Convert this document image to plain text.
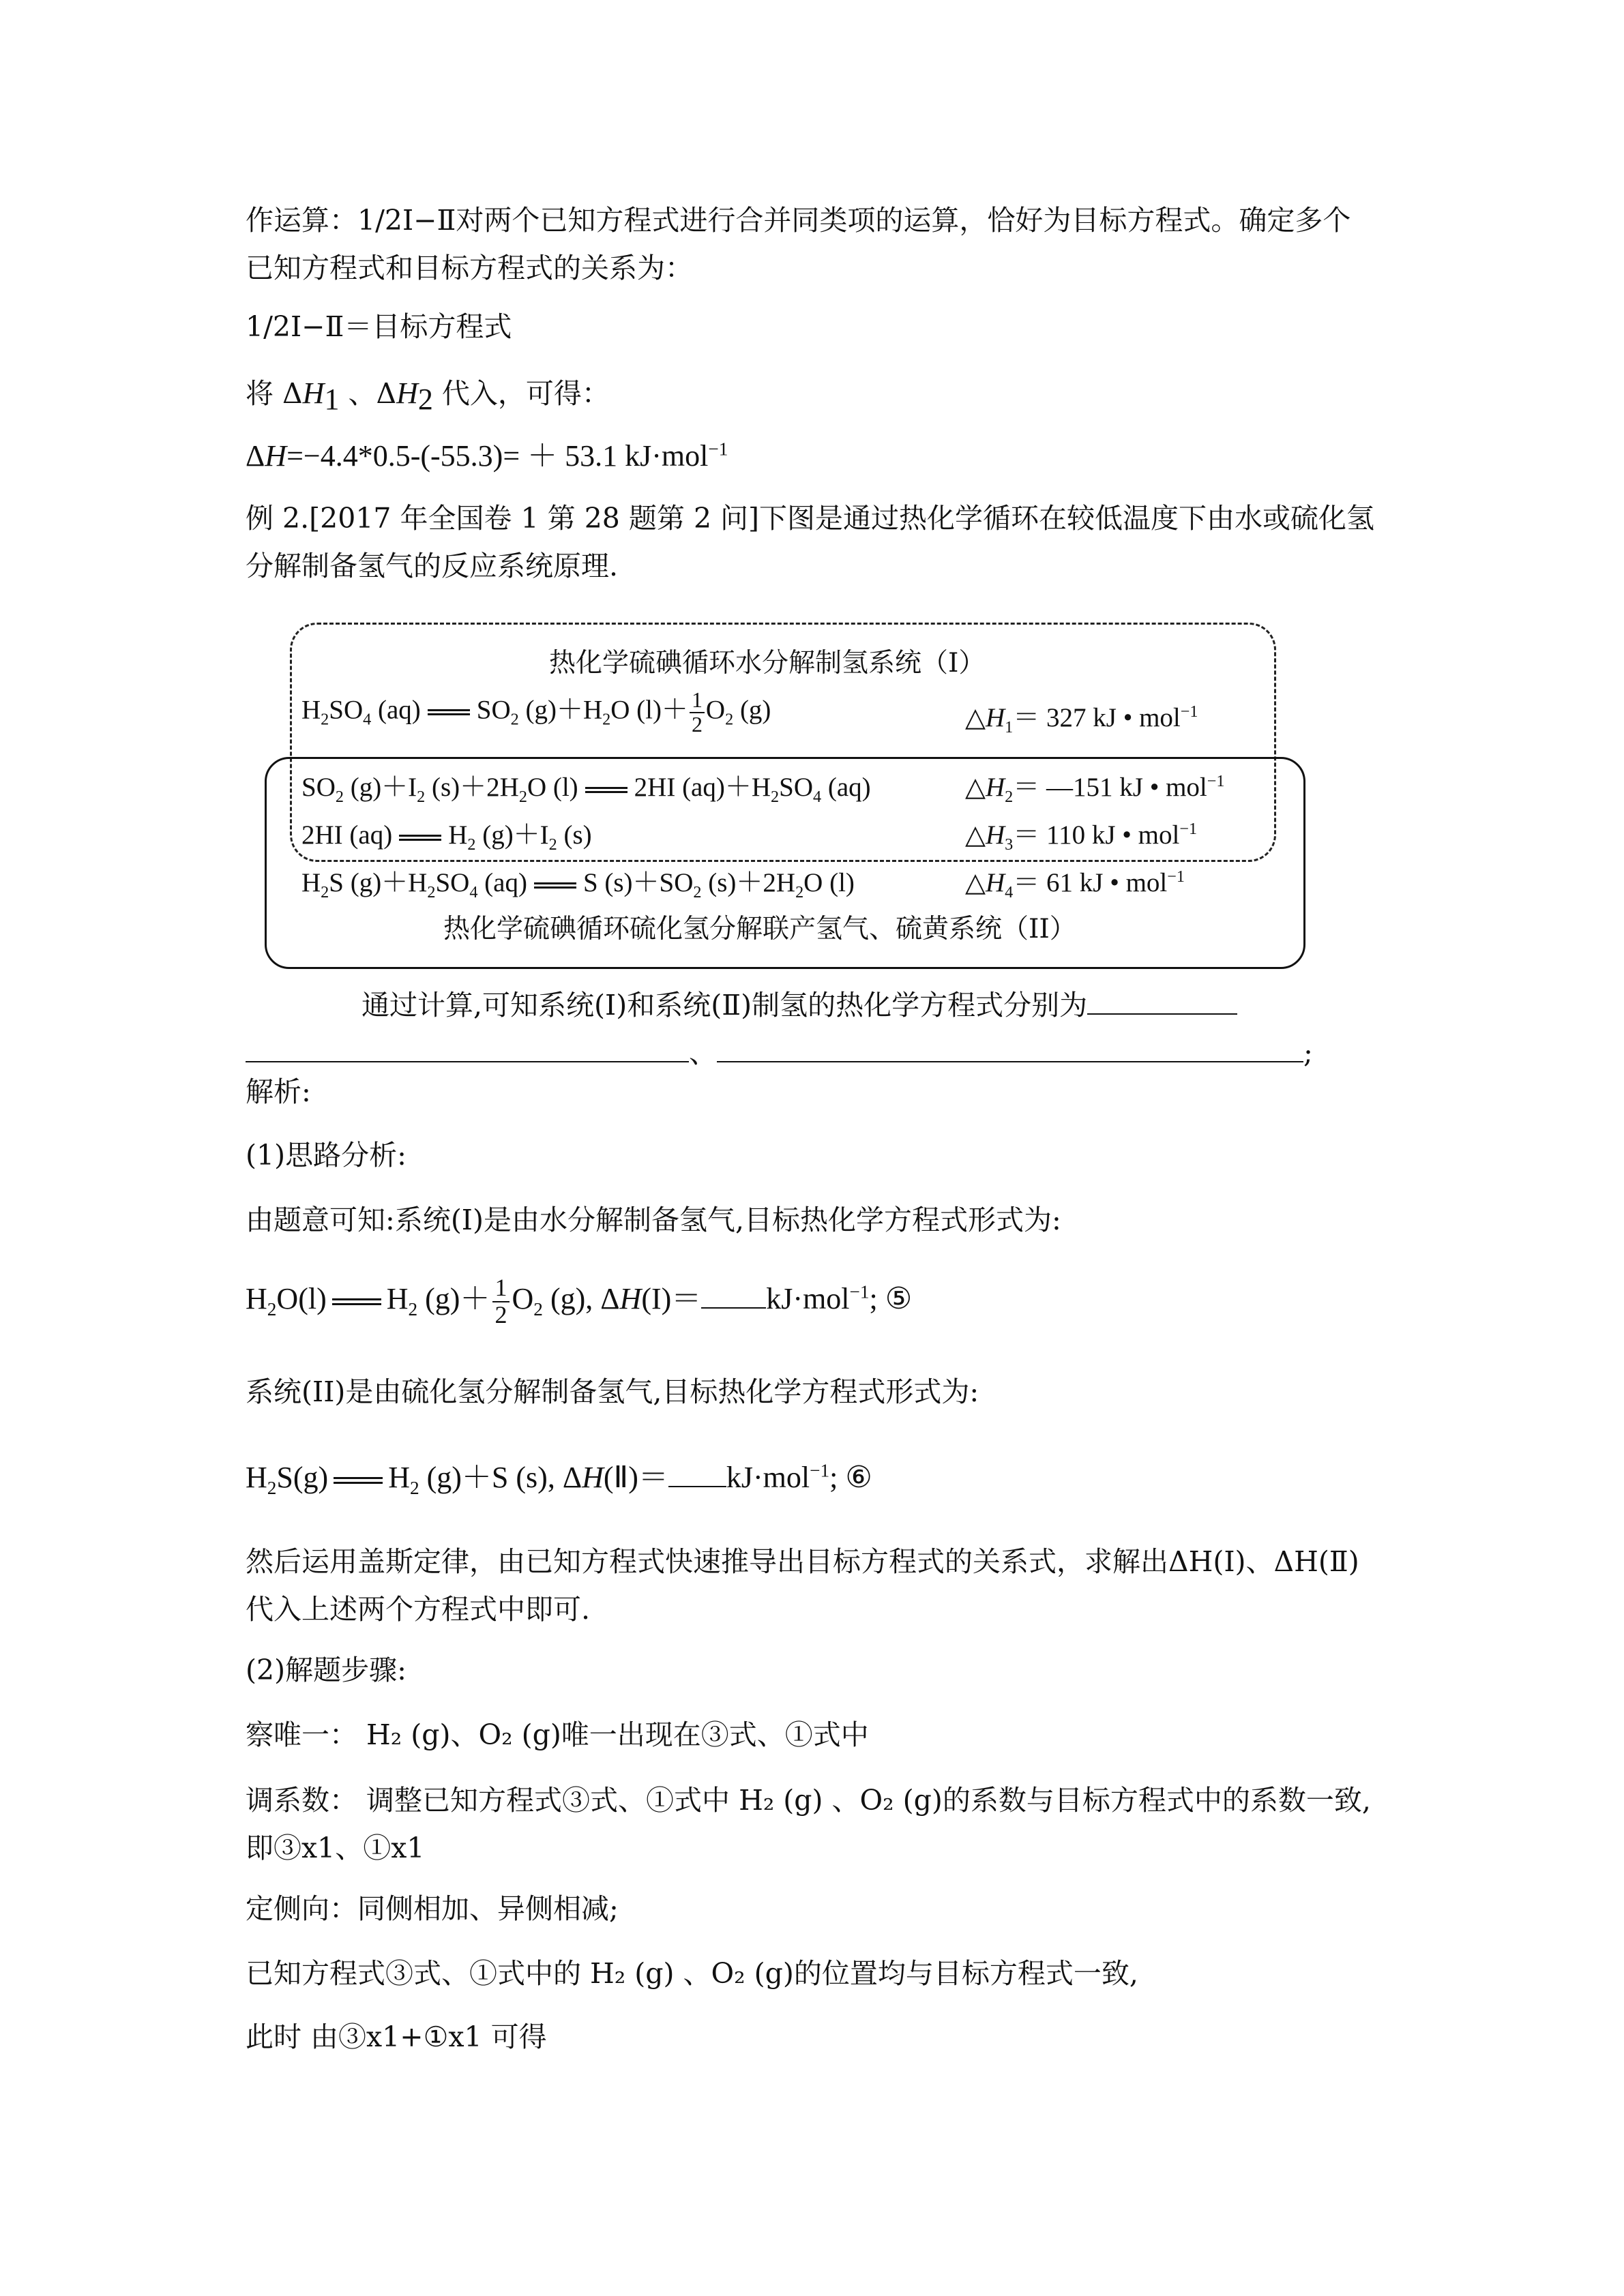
作运算：1/2I−Ⅱ对两个已知方程式进行合并同类项的运算，恰好为目标方程式。确定多个已知方程式和目标方程式的关系为：
1/2I−Ⅱ＝目标方程式
将 $\Delta H_1$ 、$\Delta H_2$ 代入，可得：
ΔH=−4.4*0.5-(-55.3)= ＋ 53.1 kJ·mol$^{-1}$
例 2.[2017 年全国卷 1 第 28 题第 2 问]下图是通过热化学循环在较低温度下由水或硫化氢分解制备氢气的反应系统原理.
热化学硫碘循环水分解制氢系统（I）
$H_2SO_4$ (aq) $SO_2$ $(g)+H_2O$ $(l)+ \frac{1}{2} O_2$ (g)	$\triangle H_1= 327$ kJ • mol$^{-1}$
$SO_2$ $(g)+I_2$ $(s)+2H_2O$ (l) 2HI $(aq)+H_2SO_4$ (aq)	$\triangle H_2=$ —151 kJ • mol$^{-1}$
2HI (aq) $H_2$ $(g)+I_2$ (s)	$\triangle H_3= 110$ kJ • mol$^{-1}$
$H_2S$ $(g)+H_2SO_4$ (aq) S $(s)+SO_2$ $(s)+2H_2O$ (l)	$\triangle H_4= 61$ kJ • mol$^{-1}$
热化学硫碘循环硫化氢分解联产氢气、硫黄系统（II）
通过计算,可知系统(Ⅰ)和系统(Ⅱ)制氢的热化学方程式分别为
、	;
解析:
(1)思路分析:
由题意可知:系统(I)是由水分解制备氢气,目标热化学方程式形式为:
$H_2O(l)$ $H_2$ $(g)+ \frac{1}{2} O_2$ (g), ΔH(I)＝ kJ·mol$^{-1}$; ⑤
系统(II)是由硫化氢分解制备氢气,目标热化学方程式形式为:
$H_2S(g)$ $H_2$ (g)＋S (s), ΔH(Ⅱ)＝ kJ·mol$^{-1}$; ⑥
然后运用盖斯定律，由已知方程式快速推导出目标方程式的关系式，求解出ΔH(I)、ΔH(Ⅱ)代入上述两个方程式中即可.
(2)解题步骤:
察唯一： H₂ (g)、O₂ (g)唯一出现在③式、①式中
调系数： 调整已知方程式③式、①式中 H₂ (g) 、O₂ (g)的系数与目标方程式中的系数一致,即③x1、①x1
定侧向：同侧相加、异侧相减;
已知方程式③式、①式中的 H₂ (g) 、O₂ (g)的位置均与目标方程式一致,
此时 由③x1+①x1 可得
